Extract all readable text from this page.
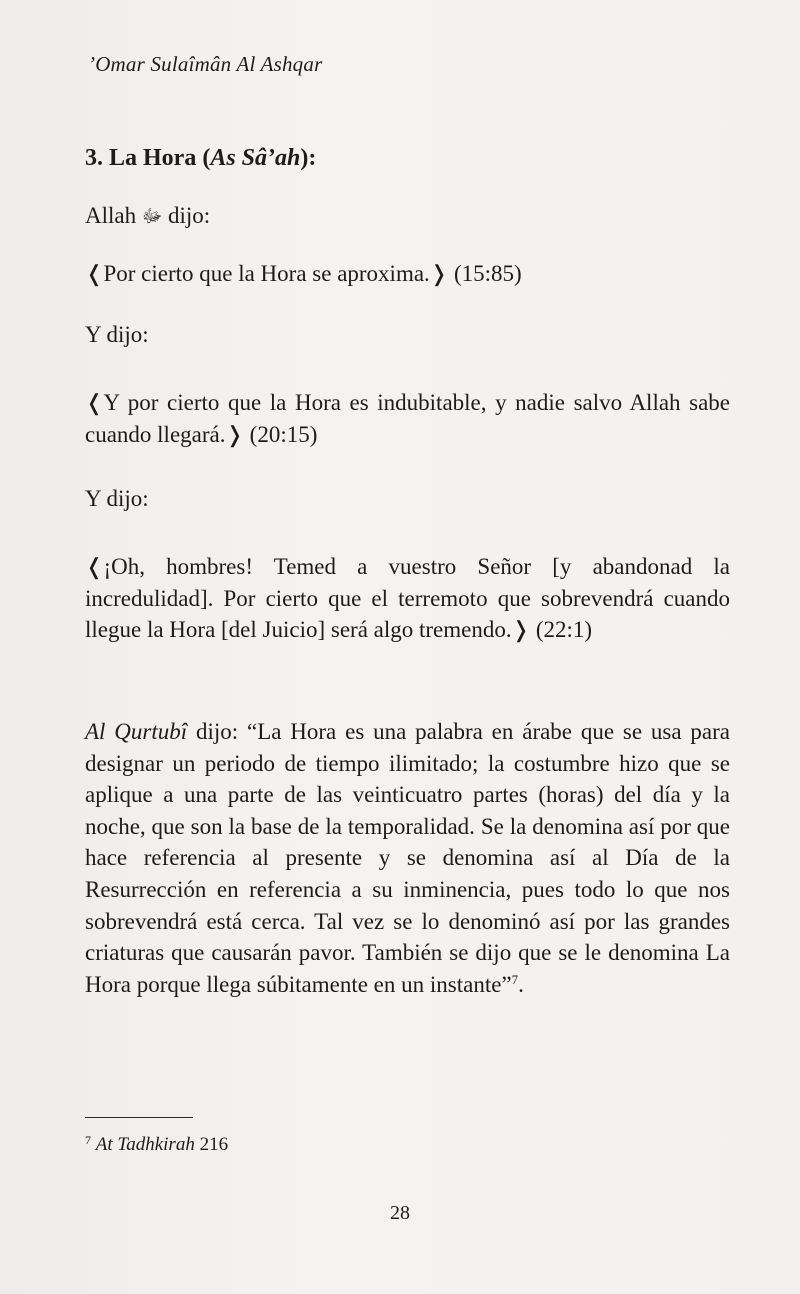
’Omar Sulaîmân Al Ashqar

3. La Hora (As Sâ’ah):

Allah ﷻ dijo:

❬Por cierto que la Hora se aproxima.❭ (15:85)

Y dijo:

❬Y por cierto que la Hora es indubitable, y nadie salvo Allah sabe cuando llegará.❭ (20:15)

Y dijo:

❬¡Oh, hombres! Temed a vuestro Señor [y abandonad la incredulidad]. Por cierto que el terremoto que sobrevendrá cuando llegue la Hora [del Juicio] será algo tremendo.❭ (22:1)

Al Qurtubî dijo: “La Hora es una palabra en árabe que se usa para designar un periodo de tiempo ilimitado; la costumbre hizo que se aplique a una parte de las veinticuatro partes (horas) del día y la noche, que son la base de la temporalidad. Se la denomina así por que hace referencia al presente y se denomina así al Día de la Resurrección en referencia a su inminencia, pues todo lo que nos sobrevendrá está cerca. Tal vez se lo denominó así por las grandes criaturas que causarán pavor. También se dijo que se le denomina La Hora porque llega súbitamente en un instante”$^7$.

$^7$ At Tadhkirah 216
28
